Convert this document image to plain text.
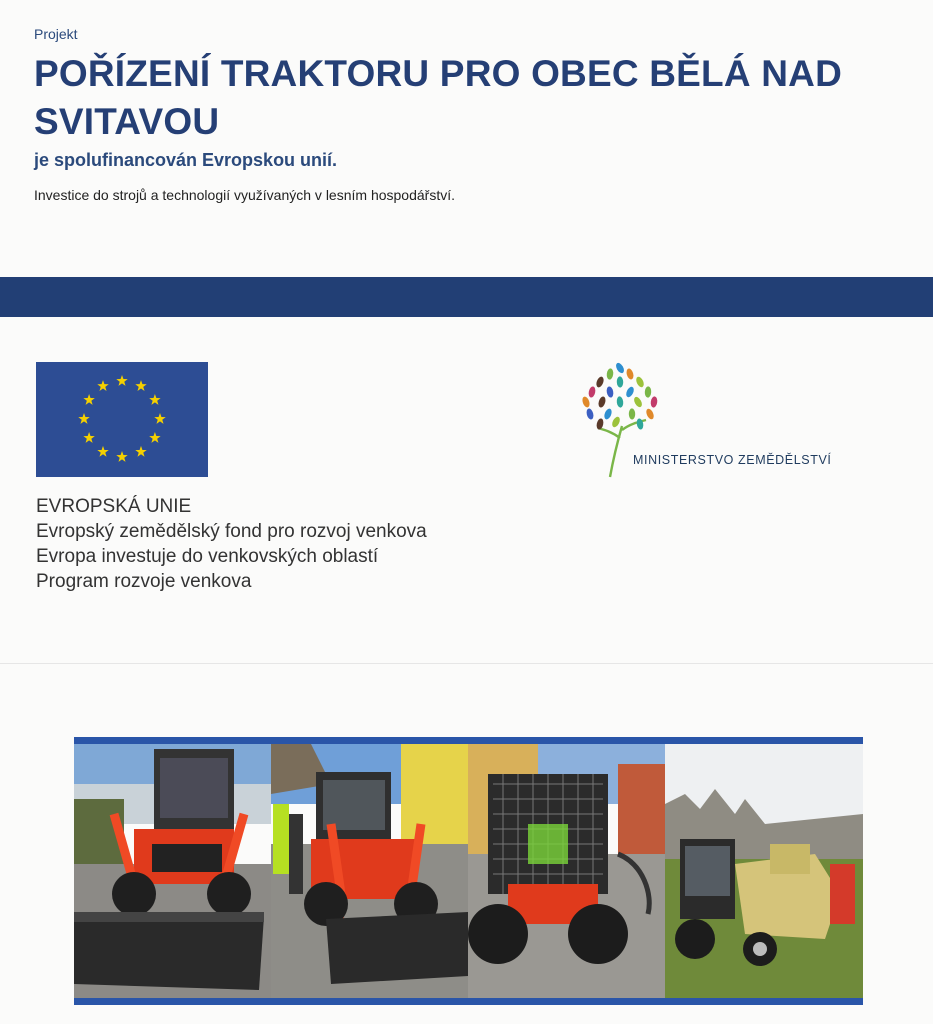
Projekt
POŘÍZENÍ TRAKTORU PRO OBEC BĚLÁ NAD SVITAVOU
je spolufinancován Evropskou unií.
Investice do strojů a technologií využívaných v lesním hospodářství.
EVROPSKÁ UNIE
Evropský zemědělský fond pro rozvoj venkova
Evropa investuje do venkovských oblastí
Program rozvoje venkova
MINISTERSTVO ZEMĚDĚLSTVÍ
